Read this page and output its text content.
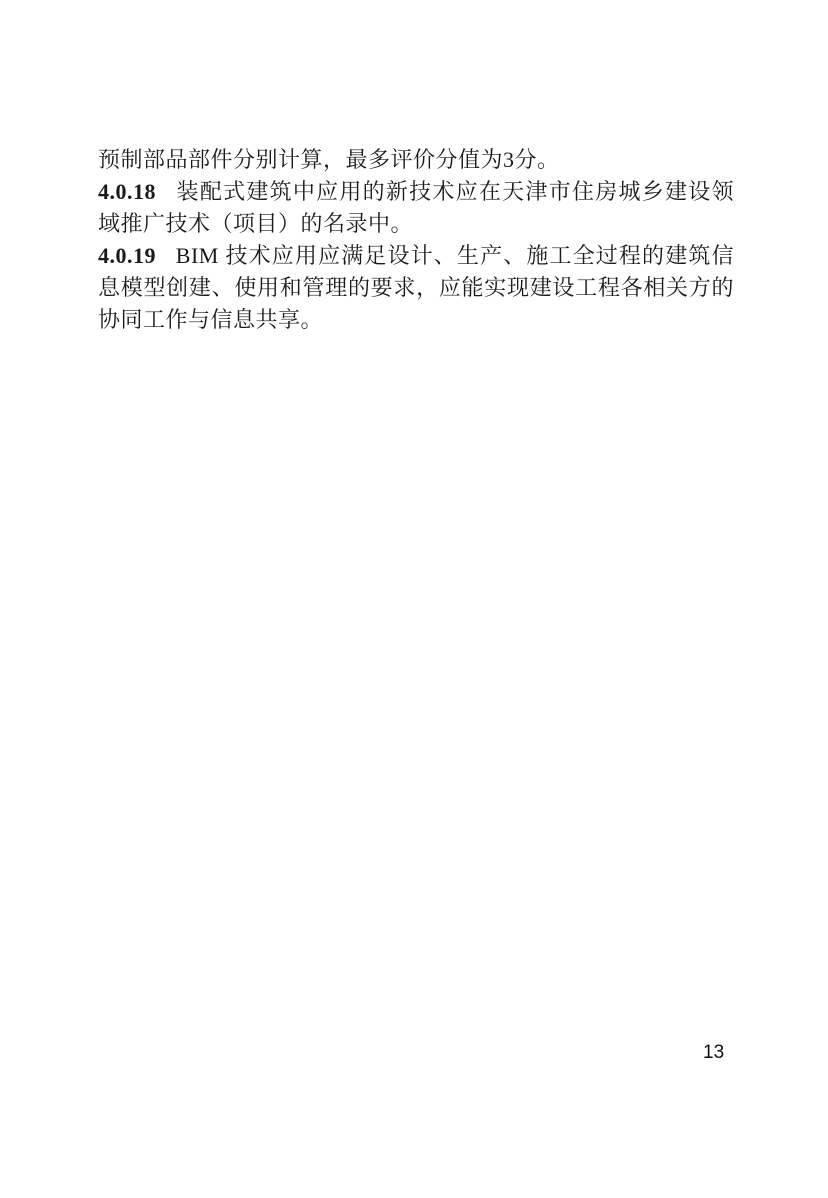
预制部品部件分别计算，最多评价分值为3分。

4.0.18 装配式建筑中应用的新技术应在天津市住房城乡建设领域推广技术（项目）的名录中。

4.0.19 BIM 技术应用应满足设计、生产、施工全过程的建筑信息模型创建、使用和管理的要求，应能实现建设工程各相关方的协同工作与信息共享。

13
